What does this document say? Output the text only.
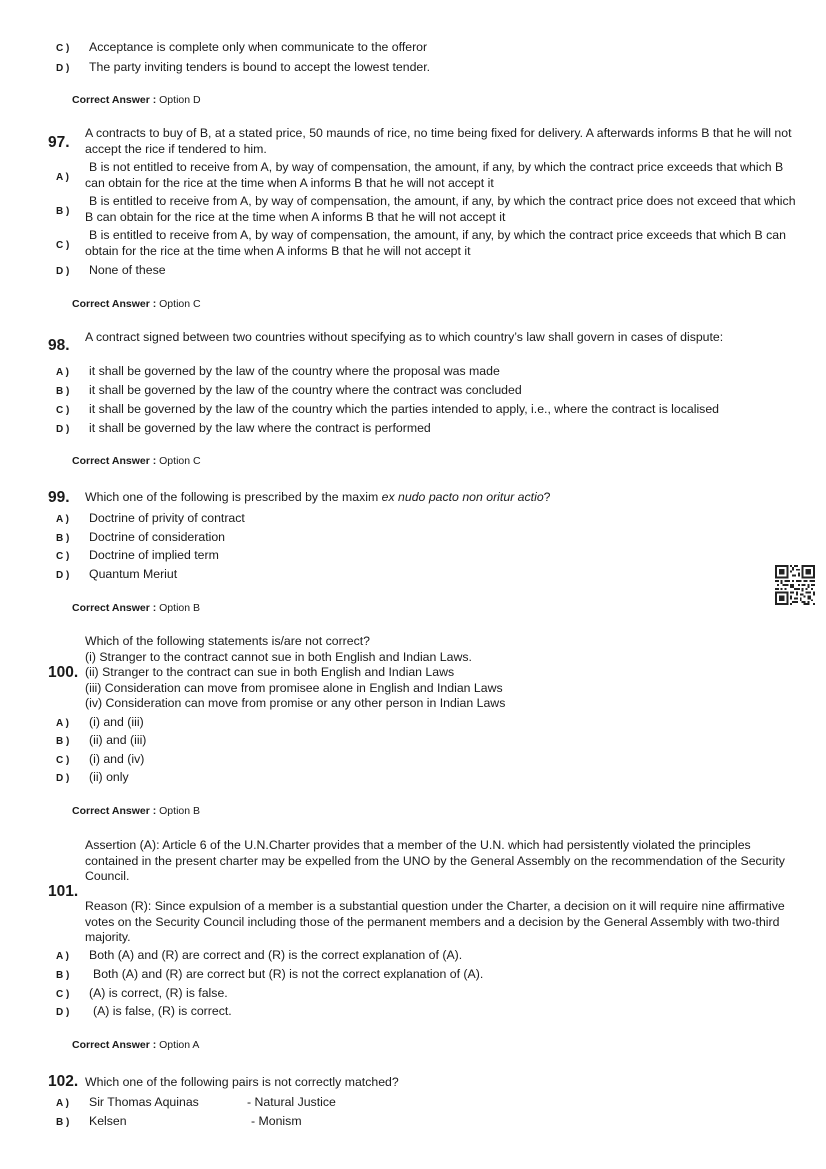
C ) Acceptance is complete only when communicate to the offeror
D ) The party inviting tenders is bound to accept the lowest tender.
Correct Answer : Option D
97.
A contracts to buy of B, at a stated price, 50 maunds of rice, no time being fixed for delivery. A afterwards informs B that he will not accept the rice if tendered to him.
A )
B is not entitled to receive from A, by way of compensation, the amount, if any, by which the contract price exceeds that which B can obtain for the rice at the time when A informs B that he will not accept it
B )
B is entitled to receive from A, by way of compensation, the amount, if any, by which the contract price does not exceed that which B can obtain for the rice at the time when A informs B that he will not accept it
C )
B is entitled to receive from A, by way of compensation, the amount, if any, by which the contract price exceeds that which B can obtain for the rice at the time when A informs B that he will not accept it
D ) None of these
Correct Answer : Option C
98. A contract signed between two countries without specifying as to which country’s law shall govern in cases of dispute:
A ) it shall be governed by the law of the country where the proposal was made
B ) it shall be governed by the law of the country where the contract was concluded
C ) it shall be governed by the law of the country which the parties intended to apply, i.e., where the contract is localised
D ) it shall be governed by the law where the contract is performed
Correct Answer : Option C
99. Which one of the following is prescribed by the maxim ex nudo pacto non oritur actio?
A ) Doctrine of privity of contract
B ) Doctrine of consideration
C ) Doctrine of implied term
D ) Quantum Meriut
Correct Answer : Option B
100.
Which of the following statements is/are not correct?
(i) Stranger to the contract cannot sue in both English and Indian Laws.
(ii) Stranger to the contract can sue in both English and Indian Laws
(iii) Consideration can move from promisee alone in English and Indian Laws
(iv) Consideration can move from promise or any other person in Indian Laws
A ) (i) and (iii)
B ) (ii) and (iii)
C ) (i) and (iv)
D ) (ii) only
Correct Answer : Option B
101.
Assertion (A): Article 6 of the U.N.Charter provides that a member of the U.N. which had persistently violated the principles contained in the present charter may be expelled from the UNO by the General Assembly on the recommendation of the Security Council.
Reason (R): Since expulsion of a member is a substantial question under the Charter, a decision on it will require nine affirmative votes on the Security Council including those of the permanent members and a decision by the General Assembly with two-third majority.
A ) Both (A) and (R) are correct and (R) is the correct explanation of (A).
B ) Both (A) and (R) are correct but (R) is not the correct explanation of (A).
C ) (A) is correct, (R) is false.
D ) (A) is false, (R) is correct.
Correct Answer : Option A
102. Which one of the following pairs is not correctly matched?
A ) Sir Thomas Aquinas	- Natural Justice
B ) Kelsen	- Monism
